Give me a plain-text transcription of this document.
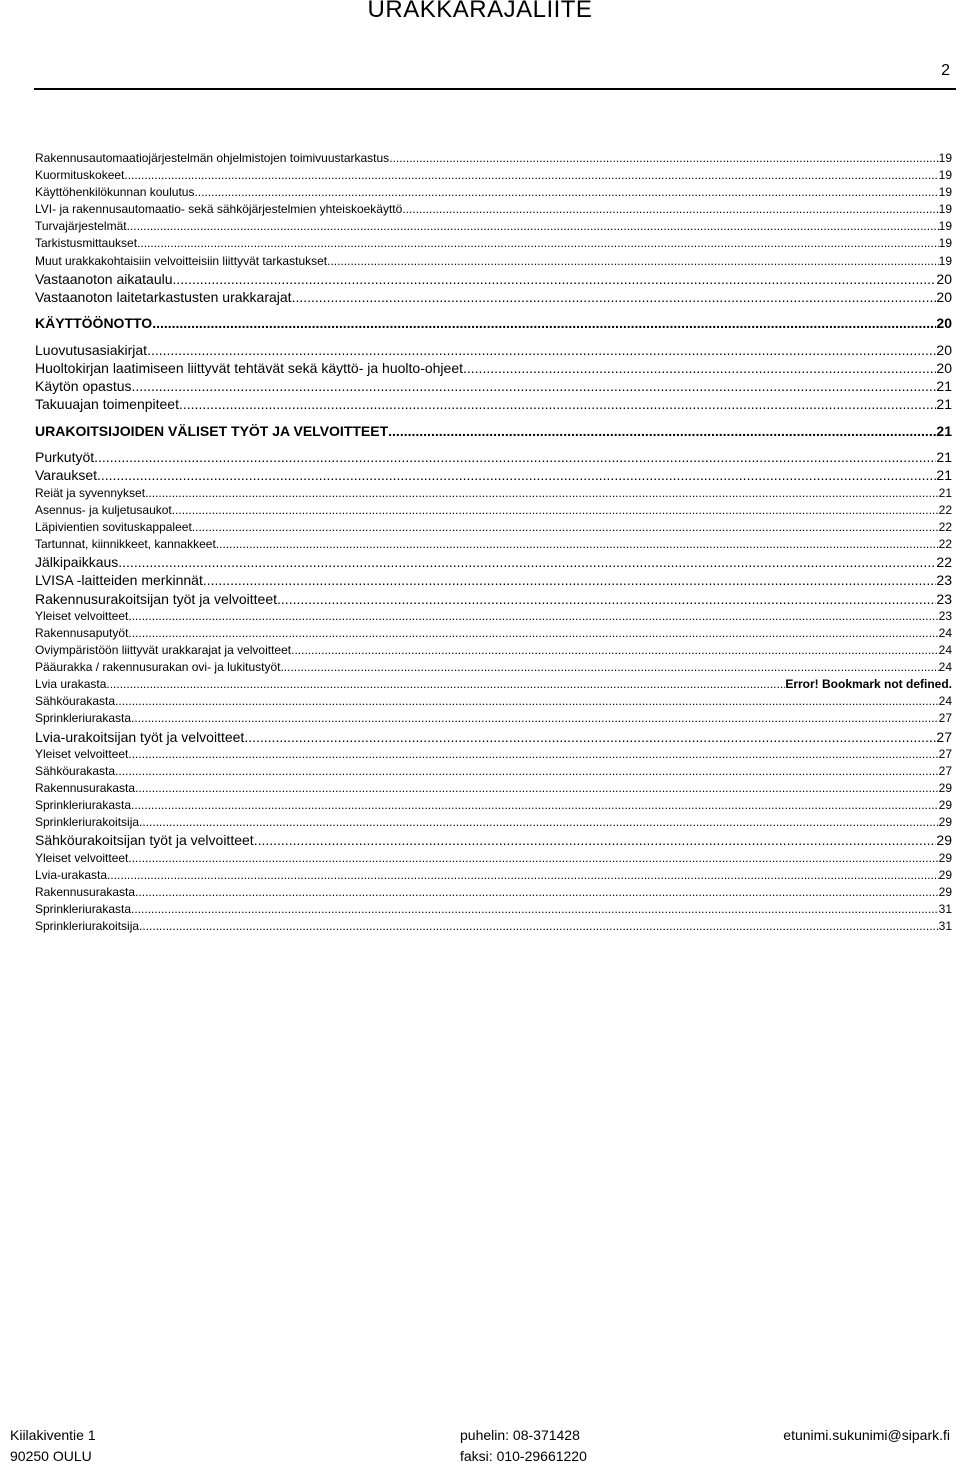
URAKKARAJALIITE
2
Rakennusautomaatiojärjestelmän ohjelmistojen toimivuustarkastus .....	19
Kuormituskokeet .....	19
Käyttöhenkilökunnan koulutus .....	19
LVI- ja rakennusautomaatio- sekä sähköjärjestelmien yhteiskoekäyttö .....	19
Turvajärjestelmät .....	19
Tarkistusmittaukset .....	19
Muut urakkakohtaisiin velvoitteisiin liittyvät tarkastukset .....	19
Vastaanoton aikataulu .....	20
Vastaanoton laitetarkastusten urakkarajat .....	20
KÄYTTÖÖNOTTO .....	20
Luovutusasiakirjat .....	20
Huoltokirjan laatimiseen liittyvät tehtävät sekä käyttö- ja huolto-ohjeet .....	20
Käytön opastus .....	21
Takuuajan toimenpiteet .....	21
URAKOITSIJOIDEN VÄLISET TYÖT JA VELVOITTEET .....	21
Purkutyöt .....	21
Varaukset .....	21
Reiät ja syvennykset .....	21
Asennus- ja kuljetusaukot .....	22
Läpivientien sovituskappaleet .....	22
Tartunnat, kiinnikkeet, kannakkeet .....	22
Jälkipaikkaus .....	22
LVISA -laitteiden merkinnät .....	23
Rakennusurakoitsijan työt ja velvoitteet .....	23
Yleiset velvoitteet .....	23
Rakennusaputyöt .....	24
Oviympäristöön liittyvät urakkarajat ja velvoitteet .....	24
Pääurakka / rakennusurakan ovi- ja lukitustyöt .....	24
Lvia urakasta .....	Error! Bookmark not defined.
Sähköurakasta .....	24
Sprinkleriurakasta .....	27
Lvia-urakoitsijan työt ja velvoitteet .....	27
Yleiset velvoitteet .....	27
Sähköurakasta .....	27
Rakennusurakasta .....	29
Sprinkleriurakasta .....	29
Sprinkleriurakoitsija .....	29
Sähköurakoitsijan työt ja velvoitteet .....	29
Yleiset velvoitteet .....	29
Lvia-urakasta .....	29
Rakennusurakasta .....	29
Sprinkleriurakasta .....	31
Sprinkleriurakoitsija .....	31
Kiilakiventie 1
90250 OULU
puhelin: 08-371428
faksi: 010-29661220
etunimi.sukunimi@sipark.fi
